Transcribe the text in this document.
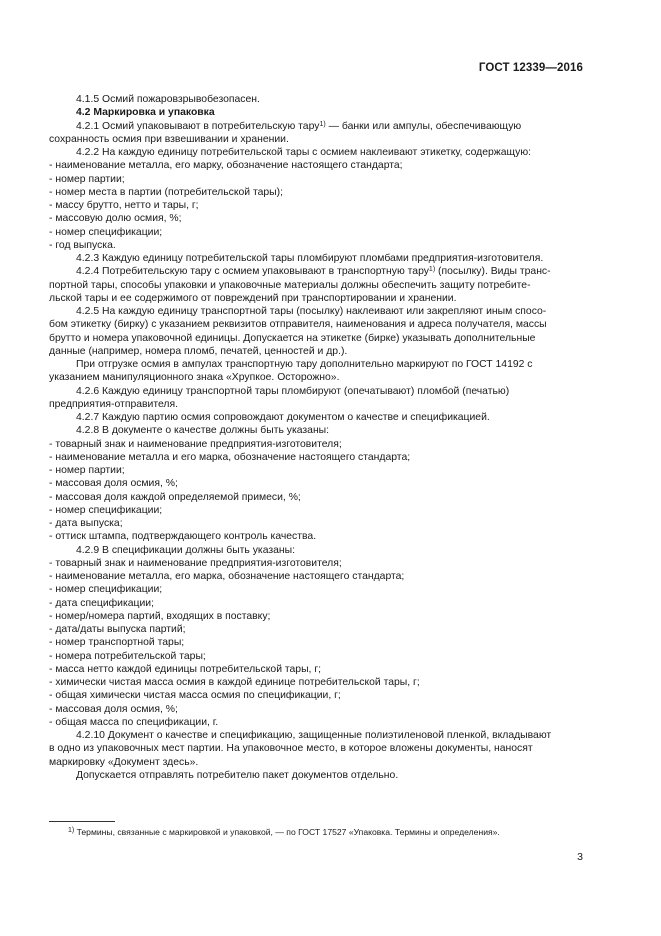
ГОСТ 12339—2016
4.1.5 Осмий пожаровзрывобезопасен.
4.2 Маркировка и упаковка
4.2.1 Осмий упаковывают в потребительскую тару$^{1)}$ — банки или ампулы, обеспечивающую
сохранность осмия при взвешивании и хранении.
4.2.2 На каждую единицу потребительской тары с осмием наклеивают этикетку, содержащую:
- наименование металла, его марку, обозначение настоящего стандарта;
- номер партии;
- номер места в партии (потребительской тары);
- массу брутто, нетто и тары, г;
- массовую долю осмия, %;
- номер спецификации;
- год выпуска.
4.2.3 Каждую единицу потребительской тары пломбируют пломбами предприятия-изготовителя.
4.2.4 Потребительскую тару с осмием упаковывают в транспортную тару$^{1)}$ (посылку). Виды транс-
портной тары, способы упаковки и упаковочные материалы должны обеспечить защиту потребите-
льской тары и ее содержимого от повреждений при транспортировании и хранении.
4.2.5 На каждую единицу транспортной тары (посылку) наклеивают или закрепляют иным спосо-
бом этикетку (бирку) с указанием реквизитов отправителя, наименования и адреса получателя, массы
брутто и номера упаковочной единицы. Допускается на этикетке (бирке) указывать дополнительные
данные (например, номера пломб, печатей, ценностей и др.).
При отгрузке осмия в ампулах транспортную тару дополнительно маркируют по ГОСТ 14192 с
указанием манипуляционного знака «Хрупкое. Осторожно».
4.2.6 Каждую единицу транспортной тары пломбируют (опечатывают) пломбой (печатью)
предприятия-отправителя.
4.2.7 Каждую партию осмия сопровождают документом о качестве и спецификацией.
4.2.8 В документе о качестве должны быть указаны:
- товарный знак и наименование предприятия-изготовителя;
- наименование металла и его марка, обозначение настоящего стандарта;
- номер партии;
- массовая доля осмия, %;
- массовая доля каждой определяемой примеси, %;
- номер спецификации;
- дата выпуска;
- оттиск штампа, подтверждающего контроль качества.
4.2.9 В спецификации должны быть указаны:
- товарный знак и наименование предприятия-изготовителя;
- наименование металла, его марка, обозначение настоящего стандарта;
- номер спецификации;
- дата спецификации;
- номер/номера партий, входящих в поставку;
- дата/даты выпуска партий;
- номер транспортной тары;
- номера потребительской тары;
- масса нетто каждой единицы потребительской тары, г;
- химически чистая масса осмия в каждой единице потребительской тары, г;
- общая химически чистая масса осмия по спецификации, г;
- массовая доля осмия, %;
- общая масса по спецификации, г.
4.2.10 Документ о качестве и спецификацию, защищенные полиэтиленовой пленкой, вкладывают
в одно из упаковочных мест партии. На упаковочное место, в которое вложены документы, наносят
маркировку «Документ здесь».
Допускается отправлять потребителю пакет документов отдельно.
$^{1)}$ Термины, связанные с маркировкой и упаковкой, — по ГОСТ 17527 «Упаковка. Термины и определения».
3
